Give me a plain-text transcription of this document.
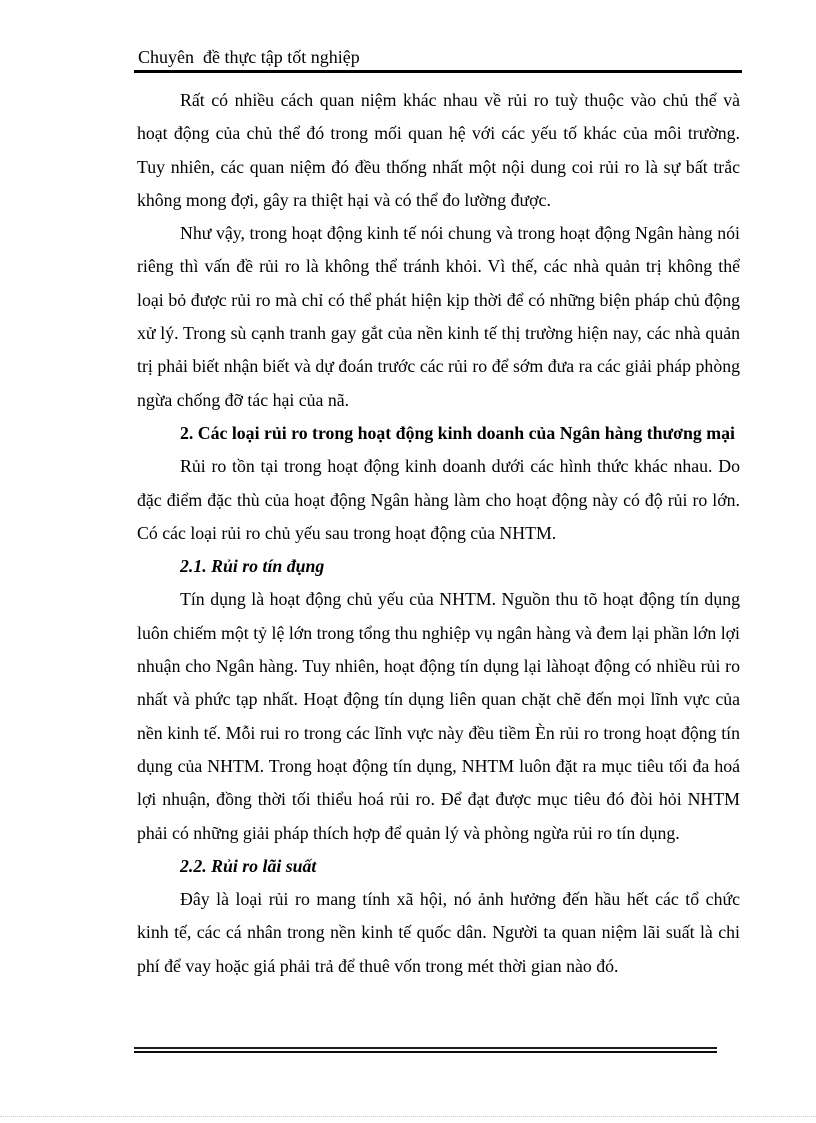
Chuyên  đề thực tập tốt nghiệp

Rất có nhiều cách quan niệm khác nhau về rủi ro tuỳ thuộc vào chủ thể và hoạt động của chủ thể đó trong mối quan hệ với các yếu tố khác của môi trường. Tuy nhiên, các quan niệm đó đều thống nhất một nội dung coi rủi ro là sự bất trắc không mong đợi, gây ra thiệt hại và có thể đo lường được.

Như vậy, trong hoạt động kinh tế nói chung và trong hoạt động Ngân hàng nói riêng thì vấn đề rủi ro là không thể tránh khỏi. Vì thế, các nhà quản trị không thể loại bỏ được rủi ro mà chỉ có thể phát hiện kịp thời để có những biện pháp chủ động xử lý. Trong sù cạnh tranh gay gắt của nền kinh tế thị trường hiện nay, các nhà quản trị phải biết nhận biết và dự đoán trước các rủi ro để sớm đưa ra các giải pháp phòng ngừa chống đỡ tác hại của nã.

2. Các loại rủi ro trong hoạt động kinh doanh của Ngân hàng thương mại

Rủi ro tồn tại trong hoạt động kinh doanh dưới các hình thức khác nhau. Do đặc điểm đặc thù của hoạt động Ngân hàng làm cho hoạt động này có độ rủi ro lớn. Có các loại rủi ro chủ yếu sau trong hoạt động của NHTM.

2.1. Rủi ro tín đụng

Tín dụng là hoạt động chủ yếu của NHTM. Nguồn thu tõ hoạt động tín dụng luôn chiếm một tỷ lệ lớn trong tổng thu nghiệp vụ ngân hàng và đem lại phần lớn lợi nhuận cho Ngân hàng. Tuy nhiên, hoạt động tín dụng lại làhoạt động có nhiều rủi ro nhất và phức tạp nhất. Hoạt động tín dụng liên quan chặt chẽ đến mọi lĩnh vực của nền kinh tế. Mỗi rui ro trong các lĩnh vực này đều tiềm Èn rủi ro trong hoạt động tín dụng của NHTM. Trong hoạt động tín dụng, NHTM luôn đặt ra mục tiêu tối đa hoá lợi nhuận, đồng thời tối thiểu hoá rủi ro. Để đạt được mục tiêu đó đòi hỏi NHTM phải có những giải pháp thích hợp để quản lý và phòng ngừa rủi ro tín dụng.

2.2. Rủi ro lãi suất

Đây là loại rủi ro mang tính xã hội, nó ảnh hưởng đến hầu hết các tổ chức kinh tế, các cá nhân trong nền kinh tế quốc dân. Người ta quan niệm lãi suất là chi phí để vay hoặc giá phải trả để thuê vốn trong mét thời gian nào đó.
